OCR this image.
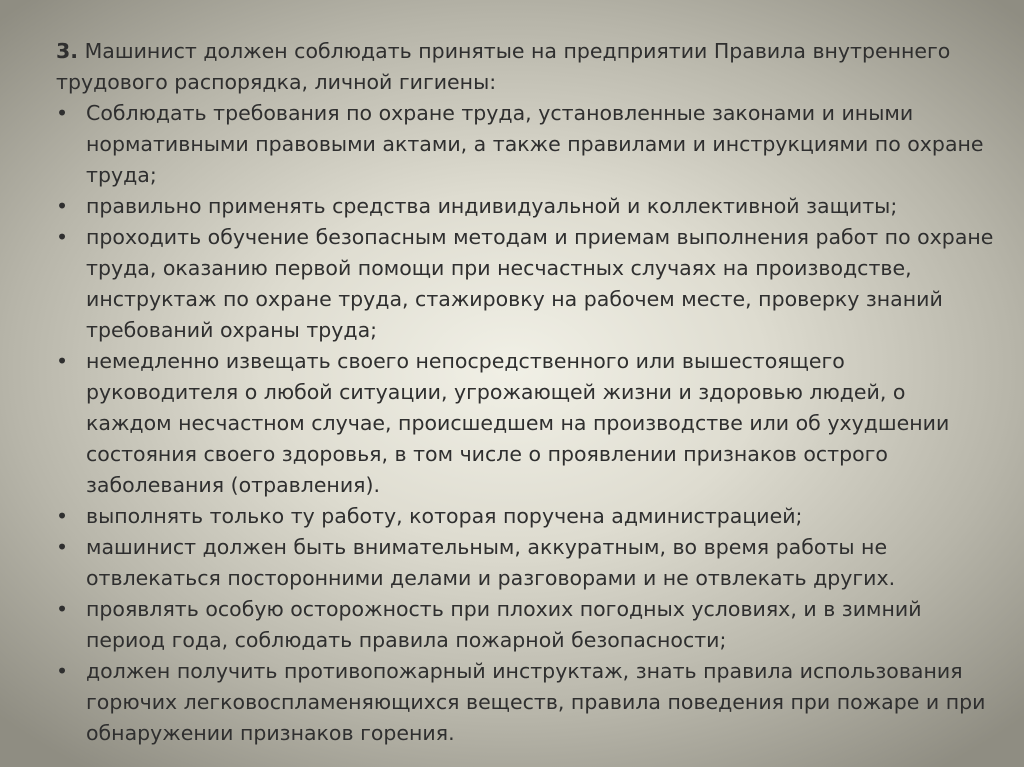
3. Машинист должен соблюдать принятые на предприятии Правила внутреннего трудового распорядка, личной гигиены:

• Соблюдать требования по охране труда, установленные законами и иными нормативными правовыми актами, а также правилами и инструкциями по охране труда;
• правильно применять средства индивидуальной и коллективной защиты;
• проходить обучение безопасным методам и приемам выполнения работ по охране труда, оказанию первой помощи при несчастных случаях на производстве, инструктаж по охране труда, стажировку на рабочем месте, проверку знаний требований охраны труда;
• немедленно извещать своего непосредственного или вышестоящего руководителя о любой ситуации, угрожающей жизни и здоровью людей, о каждом несчастном случае, происшедшем на производстве или об ухудшении состояния своего здоровья, в том числе о проявлении признаков острого заболевания (отравления).
• выполнять только ту работу, которая поручена администрацией;
• машинист должен быть внимательным, аккуратным, во время работы не отвлекаться посторонними делами и разговорами и не отвлекать других.
• проявлять особую осторожность при плохих погодных условиях, и в зимний период года, соблюдать правила пожарной безопасности;
• должен получить противопожарный инструктаж, знать правила использования горючих легковоспламеняющихся веществ, правила поведения при пожаре и при обнаружении признаков горения.
